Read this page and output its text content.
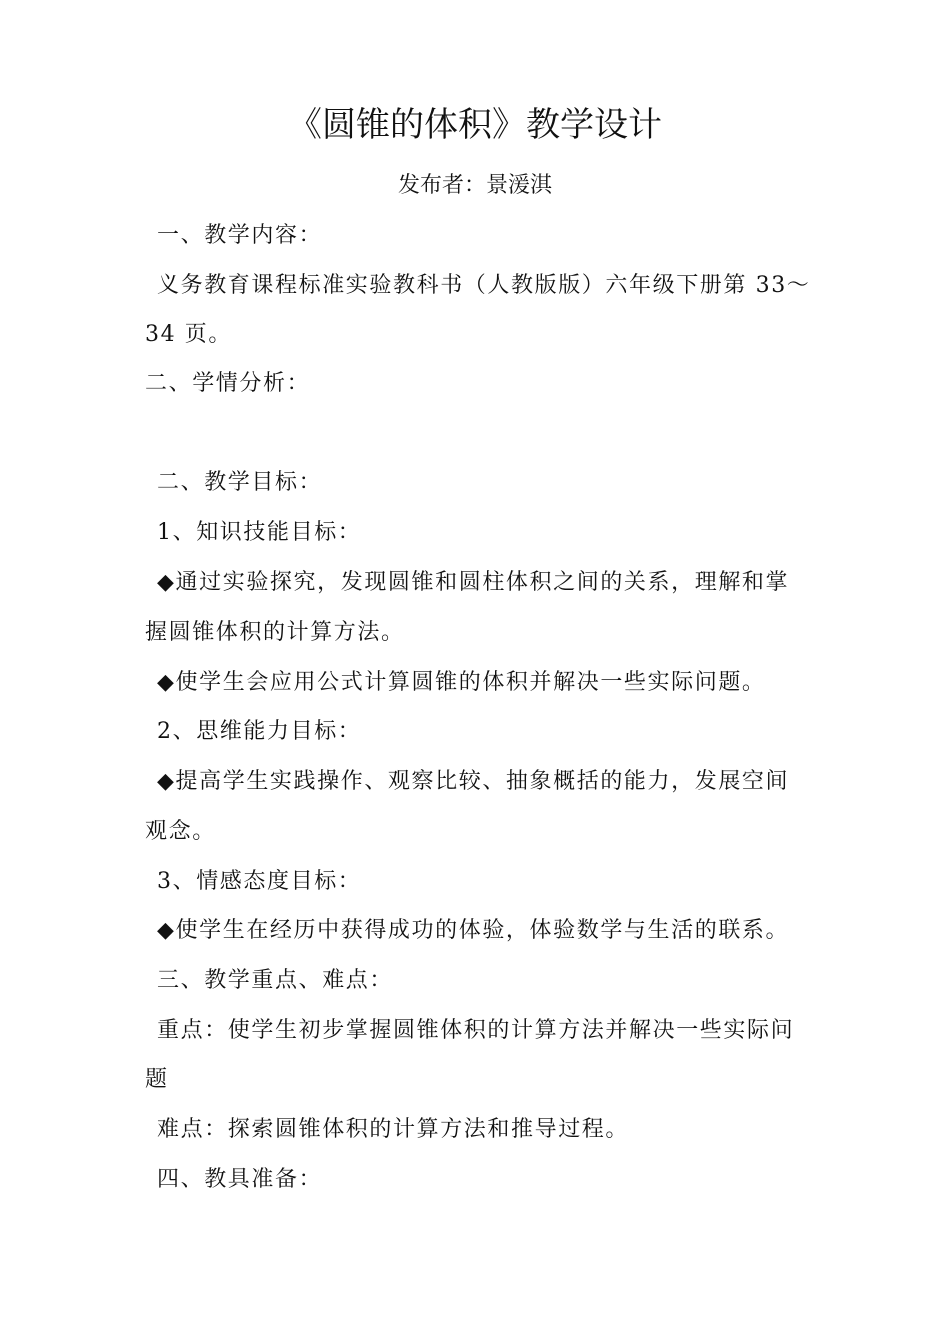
《圆锥的体积》教学设计
发布者：景湲淇
一、教学内容：
义务教育课程标准实验教科书（人教版版）六年级下册第 33～
34 页。
二、学情分析：
二、教学目标：
1、知识技能目标：
◆通过实验探究，发现圆锥和圆柱体积之间的关系，理解和掌
握圆锥体积的计算方法。
◆使学生会应用公式计算圆锥的体积并解决一些实际问题。
2、思维能力目标：
◆提高学生实践操作、观察比较、抽象概括的能力，发展空间
观念。
3、情感态度目标：
◆使学生在经历中获得成功的体验，体验数学与生活的联系。
三、教学重点、难点：
重点：使学生初步掌握圆锥体积的计算方法并解决一些实际问
题
难点：探索圆锥体积的计算方法和推导过程。
四、教具准备：
